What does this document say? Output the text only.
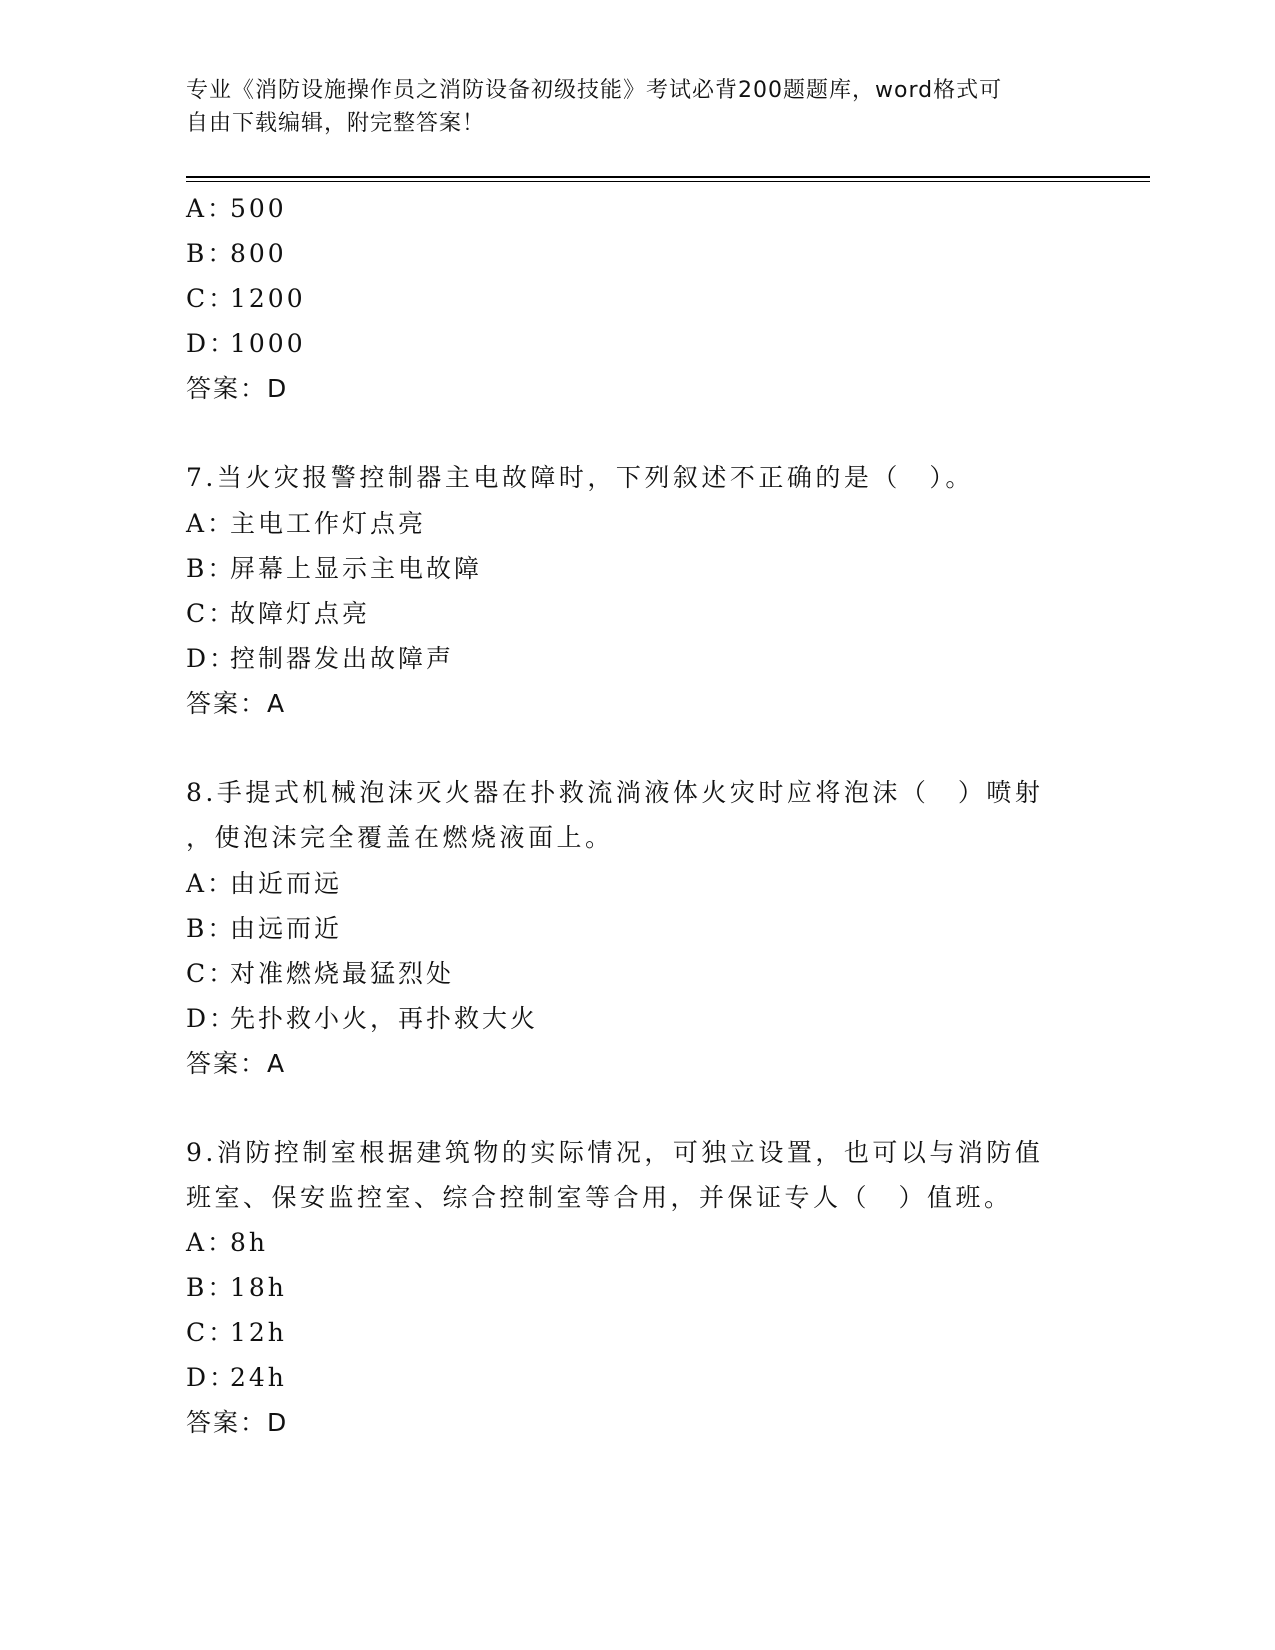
专业《消防设施操作员之消防设备初级技能》考试必背200题题库，word格式可
自由下载编辑，附完整答案！
A：500
B：800
C：1200
D：1000
答案：D
7.当火灾报警控制器主电故障时，下列叙述不正确的是（　）。
A：主电工作灯点亮
B：屏幕上显示主电故障
C：故障灯点亮
D：控制器发出故障声
答案：A
8.手提式机械泡沫灭火器在扑救流淌液体火灾时应将泡沫（　）喷射
，使泡沫完全覆盖在燃烧液面上。
A：由近而远
B：由远而近
C：对准燃烧最猛烈处
D：先扑救小火，再扑救大火
答案：A
9.消防控制室根据建筑物的实际情况，可独立设置，也可以与消防值
班室、保安监控室、综合控制室等合用，并保证专人（　）值班。
A：8h
B：18h
C：12h
D：24h
答案：D
